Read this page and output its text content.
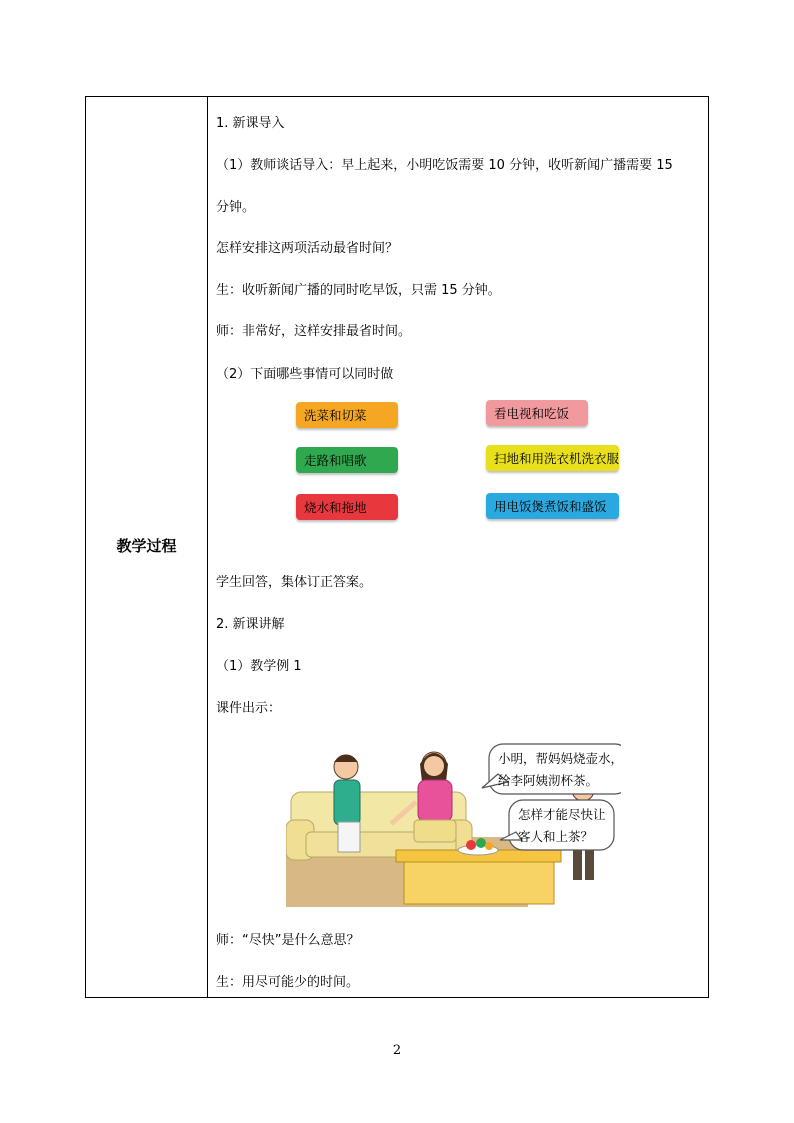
教学过程
1. 新课导入
（1）教师谈话导入：早上起来，小明吃饭需要 10 分钟，收听新闻广播需要 15
分钟。
怎样安排这两项活动最省时间？
生：收听新闻广播的同时吃早饭，只需 15 分钟。
师：非常好，这样安排最省时间。
（2）下面哪些事情可以同时做
洗菜和切菜	看电视和吃饭
走路和唱歌	扫地和用洗衣机洗衣服
烧水和拖地	用电饭煲煮饭和盛饭
学生回答，集体订正答案。
2. 新课讲解
（1）教学例 1
课件出示：
小明，帮妈妈烧壶水，
给李阿姨沏杯茶。
怎样才能尽快让
客人和上茶？
师：“尽快”是什么意思？
生：用尽可能少的时间。
2
